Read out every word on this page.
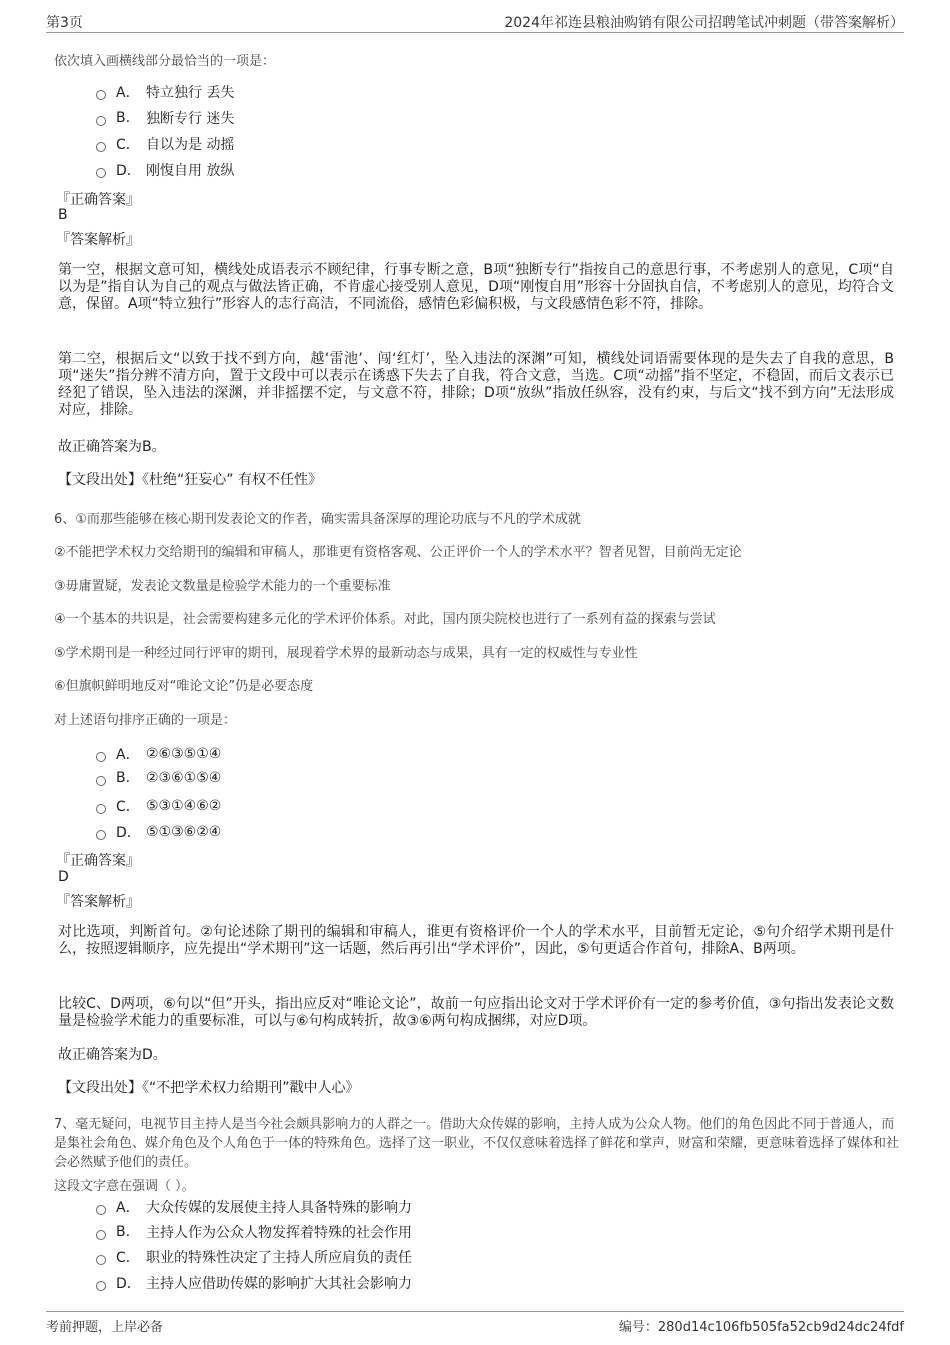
第3页	2024年祁连县粮油购销有限公司招聘笔试冲刺题（带答案解析）
依次填入画横线部分最恰当的一项是：
A． 特立独行 丢失
B.	独断专行 迷失
C． 自以为是 动摇
D． 刚愎自用 放纵
『正确答案』
B
『答案解析』
第一空，根据文意可知，横线处成语表示不顾纪律，行事专断之意，B项“独断专行”指按自己的意思行事，不考虑别人的意见，C项“自以为是”指自认为自己的观点与做法皆正确，不肯虚心接受别人意见，D项“刚愎自用”形容十分固执自信，不考虑别人的意见，均符合文意，保留。A项“特立独行”形容人的志行高洁，不同流俗，感情色彩偏积极，与文段感情色彩不符，排除。
第二空，根据后文“以致于找不到方向，越‘雷池’、闯‘红灯’，坠入违法的深渊”可知，横线处词语需要体现的是失去了自我的意思，B项“迷失”指分辨不清方向，置于文段中可以表示在诱惑下失去了自我，符合文意，当选。C项“动摇”指不坚定，不稳固，而后文表示已经犯了错误，坠入违法的深渊，并非摇摆不定，与文意不符，排除；D项“放纵”指放任纵容，没有约束，与后文“找不到方向”无法形成对应，排除。
故正确答案为B。
【文段出处】《杜绝“狂妄心” 有权不任性》
6、①而那些能够在核心期刊发表论文的作者，确实需具备深厚的理论功底与不凡的学术成就
②不能把学术权力交给期刊的编辑和审稿人，那谁更有资格客观、公正评价一个人的学术水平？智者见智，目前尚无定论
③毋庸置疑，发表论文数量是检验学术能力的一个重要标准
④一个基本的共识是，社会需要构建多元化的学术评价体系。对此，国内顶尖院校也进行了一系列有益的探索与尝试
⑤学术期刊是一种经过同行评审的期刊，展现着学术界的最新动态与成果，具有一定的权威性与专业性
⑥但旗帜鲜明地反对“唯论文论”仍是必要态度
对上述语句排序正确的一项是：
A． ②⑥③⑤①④
B.	②③⑥①⑤④
C． ⑤③①④⑥②
D． ⑤①③⑥②④
『正确答案』
D
『答案解析』
对比选项，判断首句。②句论述除了期刊的编辑和审稿人，谁更有资格评价一个人的学术水平，目前暂无定论，⑤句介绍学术期刊是什么，按照逻辑顺序，应先提出“学术期刊”这一话题，然后再引出“学术评价”，因此，⑤句更适合作首句，排除A、B两项。
比较C、D两项，⑥句以“但”开头，指出应反对“唯论文论”，故前一句应指出论文对于学术评价有一定的参考价值，③句指出发表论文数量是检验学术能力的重要标准，可以与⑥句构成转折，故③⑥两句构成捆绑，对应D项。
故正确答案为D。
【文段出处】《“不把学术权力给期刊”戳中人心》
7、毫无疑问，电视节目主持人是当今社会颇具影响力的人群之一。借助大众传媒的影响，主持人成为公众人物。他们的角色因此不同于普通人，而是集社会角色、媒介角色及个人角色于一体的特殊角色。选择了这一职业，不仅仅意味着选择了鲜花和掌声，财富和荣耀，更意味着选择了媒体和社会必然赋予他们的责任。
这段文字意在强调（ ）。
A． 大众传媒的发展使主持人具备特殊的影响力
B.	主持人作为公众人物发挥着特殊的社会作用
C． 职业的特殊性决定了主持人所应肩负的责任
D． 主持人应借助传媒的影响扩大其社会影响力
考前押题，上岸必备	编号：280d14c106fb505fa52cb9d24dc24fdf
